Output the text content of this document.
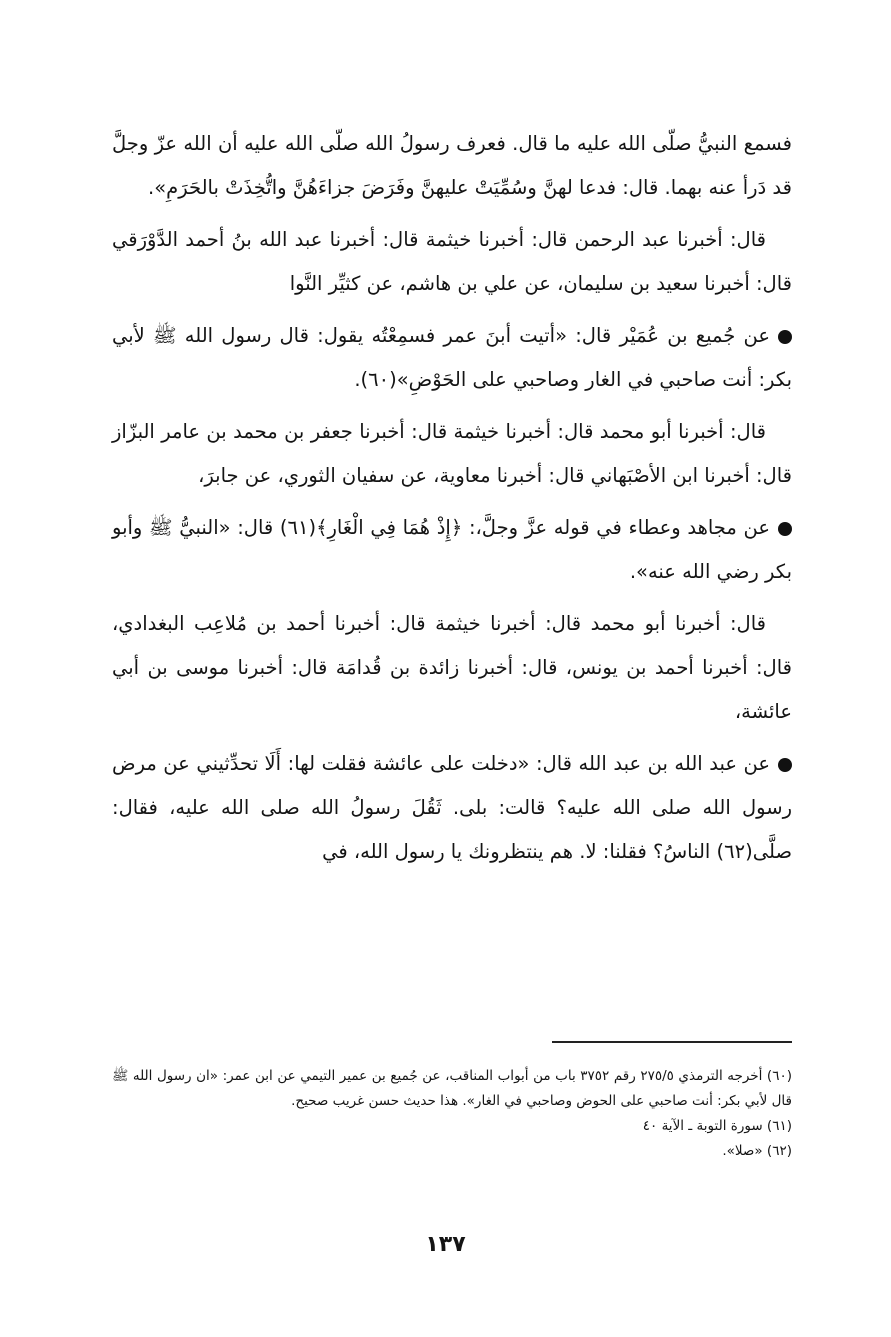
فسمع النبيُّ صلّى الله عليه ما قال. فعرف رسولُ الله صلّى الله عليه أن الله عزّ وجلَّ قد دَرأ عنه بهما. قال: فدعا لهنَّ وسُمِّيَتْ عليهنَّ وفَرَضَ جزاءَهُنَّ واتُّخِذَتْ بالحَرَمِ».

قال: أخبرنا عبد الرحمن قال: أخبرنا خيثمة قال: أخبرنا عبد الله بنُ أحمد الدَّوْرَقي قال: أخبرنا سعيد بن سليمان، عن علي بن هاشم، عن كثيِّر النَّوا

عن جُميع بن عُمَيْر قال: «أتيت أبنَ عمر فسمِعْتُه يقول: قال رسول الله ﷺ لأبي بكر: أنت صاحبي في الغار وصاحبي على الحَوْضِ»(٦٠).

قال: أخبرنا أبو محمد قال: أخبرنا خيثمة قال: أخبرنا جعفر بن محمد بن عامر البزّاز قال: أخبرنا ابن الأصْبَهاني قال: أخبرنا معاوية، عن سفيان الثوري، عن جابرَ،

عن مجاهد وعطاء في قوله عزَّ وجلَّ،: ﴿إِذْ هُمَا فِي الْغَارِ﴾(٦١) قال: «النبيُّ ﷺ وأبو بكر رضي الله عنه».

قال: أخبرنا أبو محمد قال: أخبرنا خيثمة قال: أخبرنا أحمد بن مُلاعِب البغدادي، قال: أخبرنا أحمد بن يونس، قال: أخبرنا زائدة بن قُدامَة قال: أخبرنا موسى بن أبي عائشة،

عن عبد الله بن عبد الله قال: «دخلت على عائشة فقلت لها: أَلَا تحدِّثيني عن مرض رسول الله صلى الله عليه؟ قالت: بلى. ثَقُلَ رسولُ الله صلى الله عليه، فقال: صلَّى(٦٢) الناسُ؟ فقلنا: لا. هم ينتظرونك يا رسول الله، في

(٦٠) أخرجه الترمذي ٢٧٥/٥ رقم ٣٧٥٢ باب من أبواب المناقب، عن جُميع بن عمير التيمي عن ابن عمر: «ان رسول الله ﷺ قال لأبي بكر: أنت صاحبي على الحوض وصاحبي في الغار». هذا حديث حسن غريب صحيح.

(٦١) سورة التوبة ـ الآية ٤٠

(٦٢) «صلا».

١٣٧
